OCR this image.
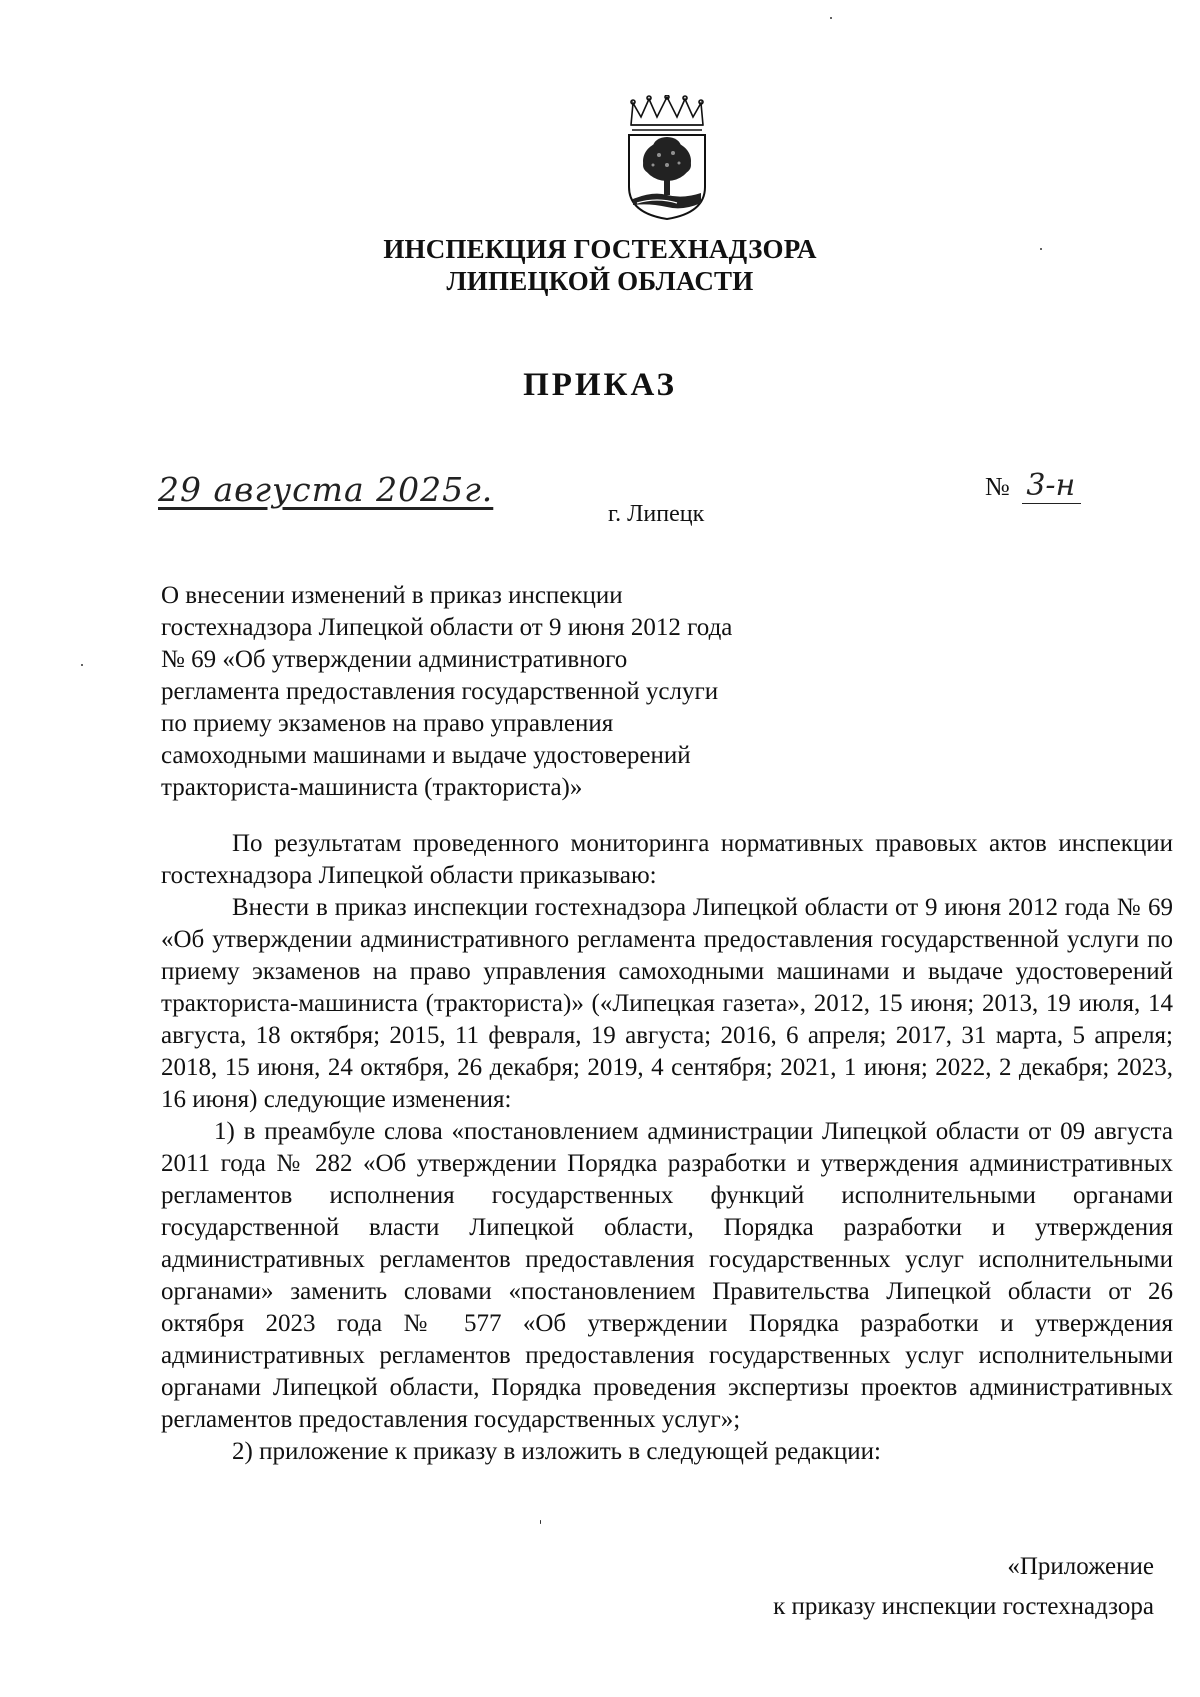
ИНСПЕКЦИЯ ГОСТЕХНАДЗОРА
ЛИПЕЦКОЙ ОБЛАСТИ
ПРИКАЗ
29 августа 2025г.	№ 3-н
г. Липецк
О внесении изменений в приказ инспекции
гостехнадзора Липецкой области от 9 июня 2012 года
№ 69 «Об утверждении административного
регламента предоставления государственной услуги
по приему экзаменов на право управления
самоходными машинами и выдаче удостоверений
тракториста-машиниста (тракториста)»

По результатам проведенного мониторинга нормативных правовых актов инспекции гостехнадзора Липецкой области приказываю:

Внести в приказ инспекции гостехнадзора Липецкой области от 9 июня 2012 года № 69 «Об утверждении административного регламента предоставления государственной услуги по приему экзаменов на право управления самоходными машинами и выдаче удостоверений тракториста-машиниста (тракториста)» («Липецкая газета», 2012, 15 июня; 2013, 19 июля, 14 августа, 18 октября; 2015, 11 февраля, 19 августа; 2016, 6 апреля; 2017, 31 марта, 5 апреля; 2018, 15 июня, 24 октября, 26 декабря; 2019, 4 сентября; 2021, 1 июня; 2022, 2 декабря; 2023, 16 июня) следующие изменения:

1) в преамбуле слова «постановлением администрации Липецкой области от 09 августа 2011 года № 282 «Об утверждении Порядка разработки и утверждения административных регламентов исполнения государственных функций исполнительными органами государственной власти Липецкой области, Порядка разработки и утверждения административных регламентов предоставления государственных услуг исполнительными органами» заменить словами «постановлением Правительства Липецкой области от 26 октября 2023 года № 577 «Об утверждении Порядка разработки и утверждения административных регламентов предоставления государственных услуг исполнительными органами Липецкой области, Порядка проведения экспертизы проектов административных регламентов предоставления государственных услуг»;

2) приложение к приказу в изложить в следующей редакции:

«Приложение
к приказу инспекции гостехнадзора
